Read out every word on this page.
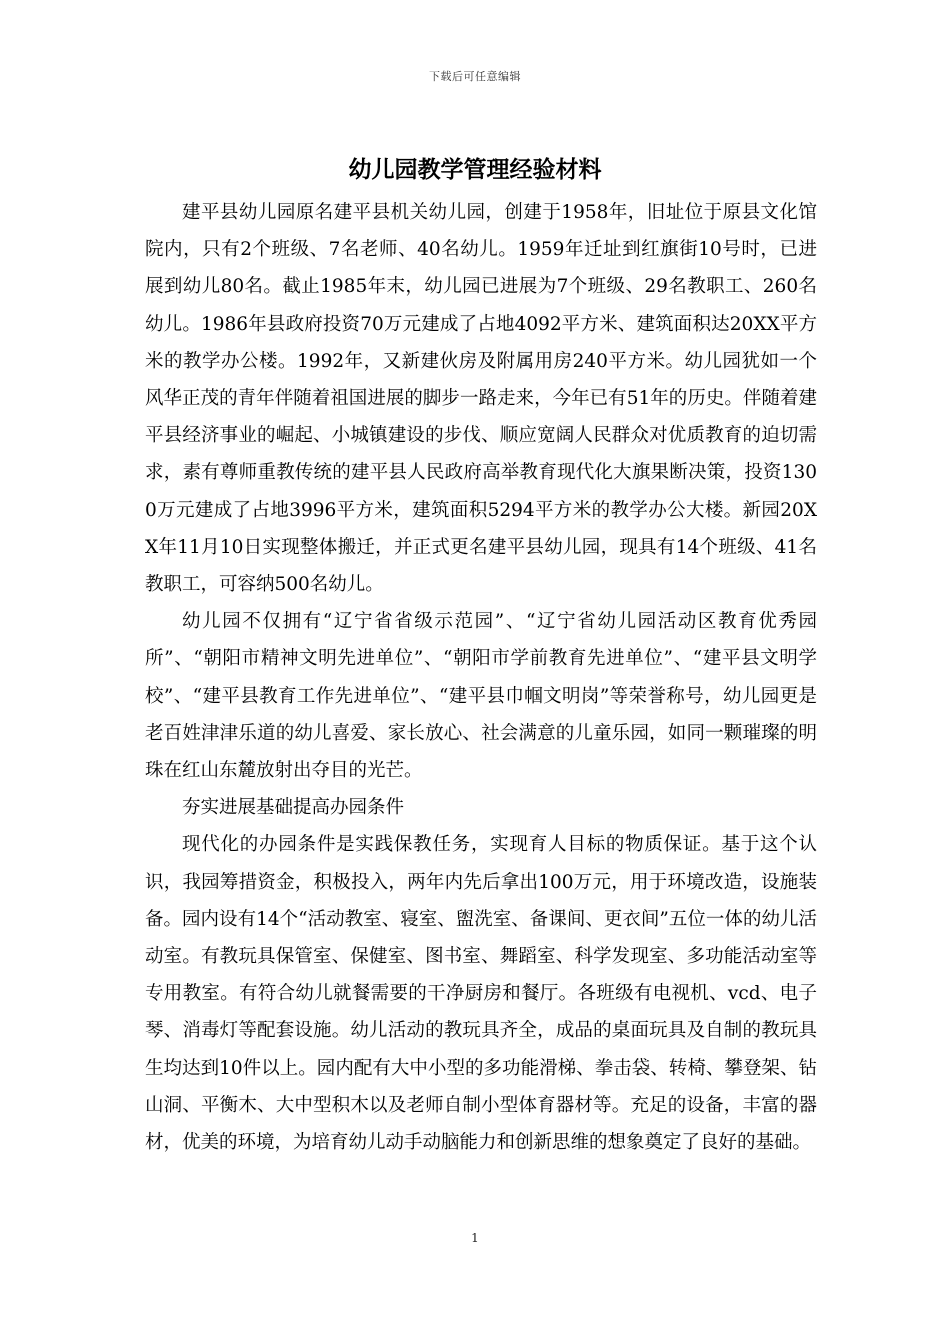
下载后可任意编辑
幼儿园教学管理经验材料

建平县幼儿园原名建平县机关幼儿园，创建于1958年，旧址位于原县文化馆院内，只有2个班级、7名老师、40名幼儿。1959年迁址到红旗街10号时，已进展到幼儿80名。截止1985年末，幼儿园已进展为7个班级、29名教职工、260名幼儿。1986年县政府投资70万元建成了占地4092平方米、建筑面积达20XX平方米的教学办公楼。1992年，又新建伙房及附属用房240平方米。幼儿园犹如一个风华正茂的青年伴随着祖国进展的脚步一路走来，今年已有51年的历史。伴随着建平县经济事业的崛起、小城镇建设的步伐、顺应宽阔人民群众对优质教育的迫切需求，素有尊师重教传统的建平县人民政府高举教育现代化大旗果断决策，投资1300万元建成了占地3996平方米，建筑面积5294平方米的教学办公大楼。新园20XX年11月10日实现整体搬迁，并正式更名建平县幼儿园，现具有14个班级、41名教职工，可容纳500名幼儿。

幼儿园不仅拥有“辽宁省省级示范园”、“辽宁省幼儿园活动区教育优秀园所”、“朝阳市精神文明先进单位”、“朝阳市学前教育先进单位”、“建平县文明学校”、“建平县教育工作先进单位”、“建平县巾帼文明岗”等荣誉称号，幼儿园更是老百姓津津乐道的幼儿喜爱、家长放心、社会满意的儿童乐园，如同一颗璀璨的明珠在红山东麓放射出夺目的光芒。

夯实进展基础提高办园条件

现代化的办园条件是实践保教任务，实现育人目标的物质保证。基于这个认识，我园筹措资金，积极投入，两年内先后拿出100万元，用于环境改造，设施装备。园内设有14个“活动教室、寝室、盥洗室、备课间、更衣间”五位一体的幼儿活动室。有教玩具保管室、保健室、图书室、舞蹈室、科学发现室、多功能活动室等专用教室。有符合幼儿就餐需要的干净厨房和餐厅。各班级有电视机、vcd、电子琴、消毒灯等配套设施。幼儿活动的教玩具齐全，成品的桌面玩具及自制的教玩具生均达到10件以上。园内配有大中小型的多功能滑梯、拳击袋、转椅、攀登架、钻山洞、平衡木、大中型积木以及老师自制小型体育器材等。充足的设备，丰富的器材，优美的环境，为培育幼儿动手动脑能力和创新思维的想象奠定了良好的基础。

1
